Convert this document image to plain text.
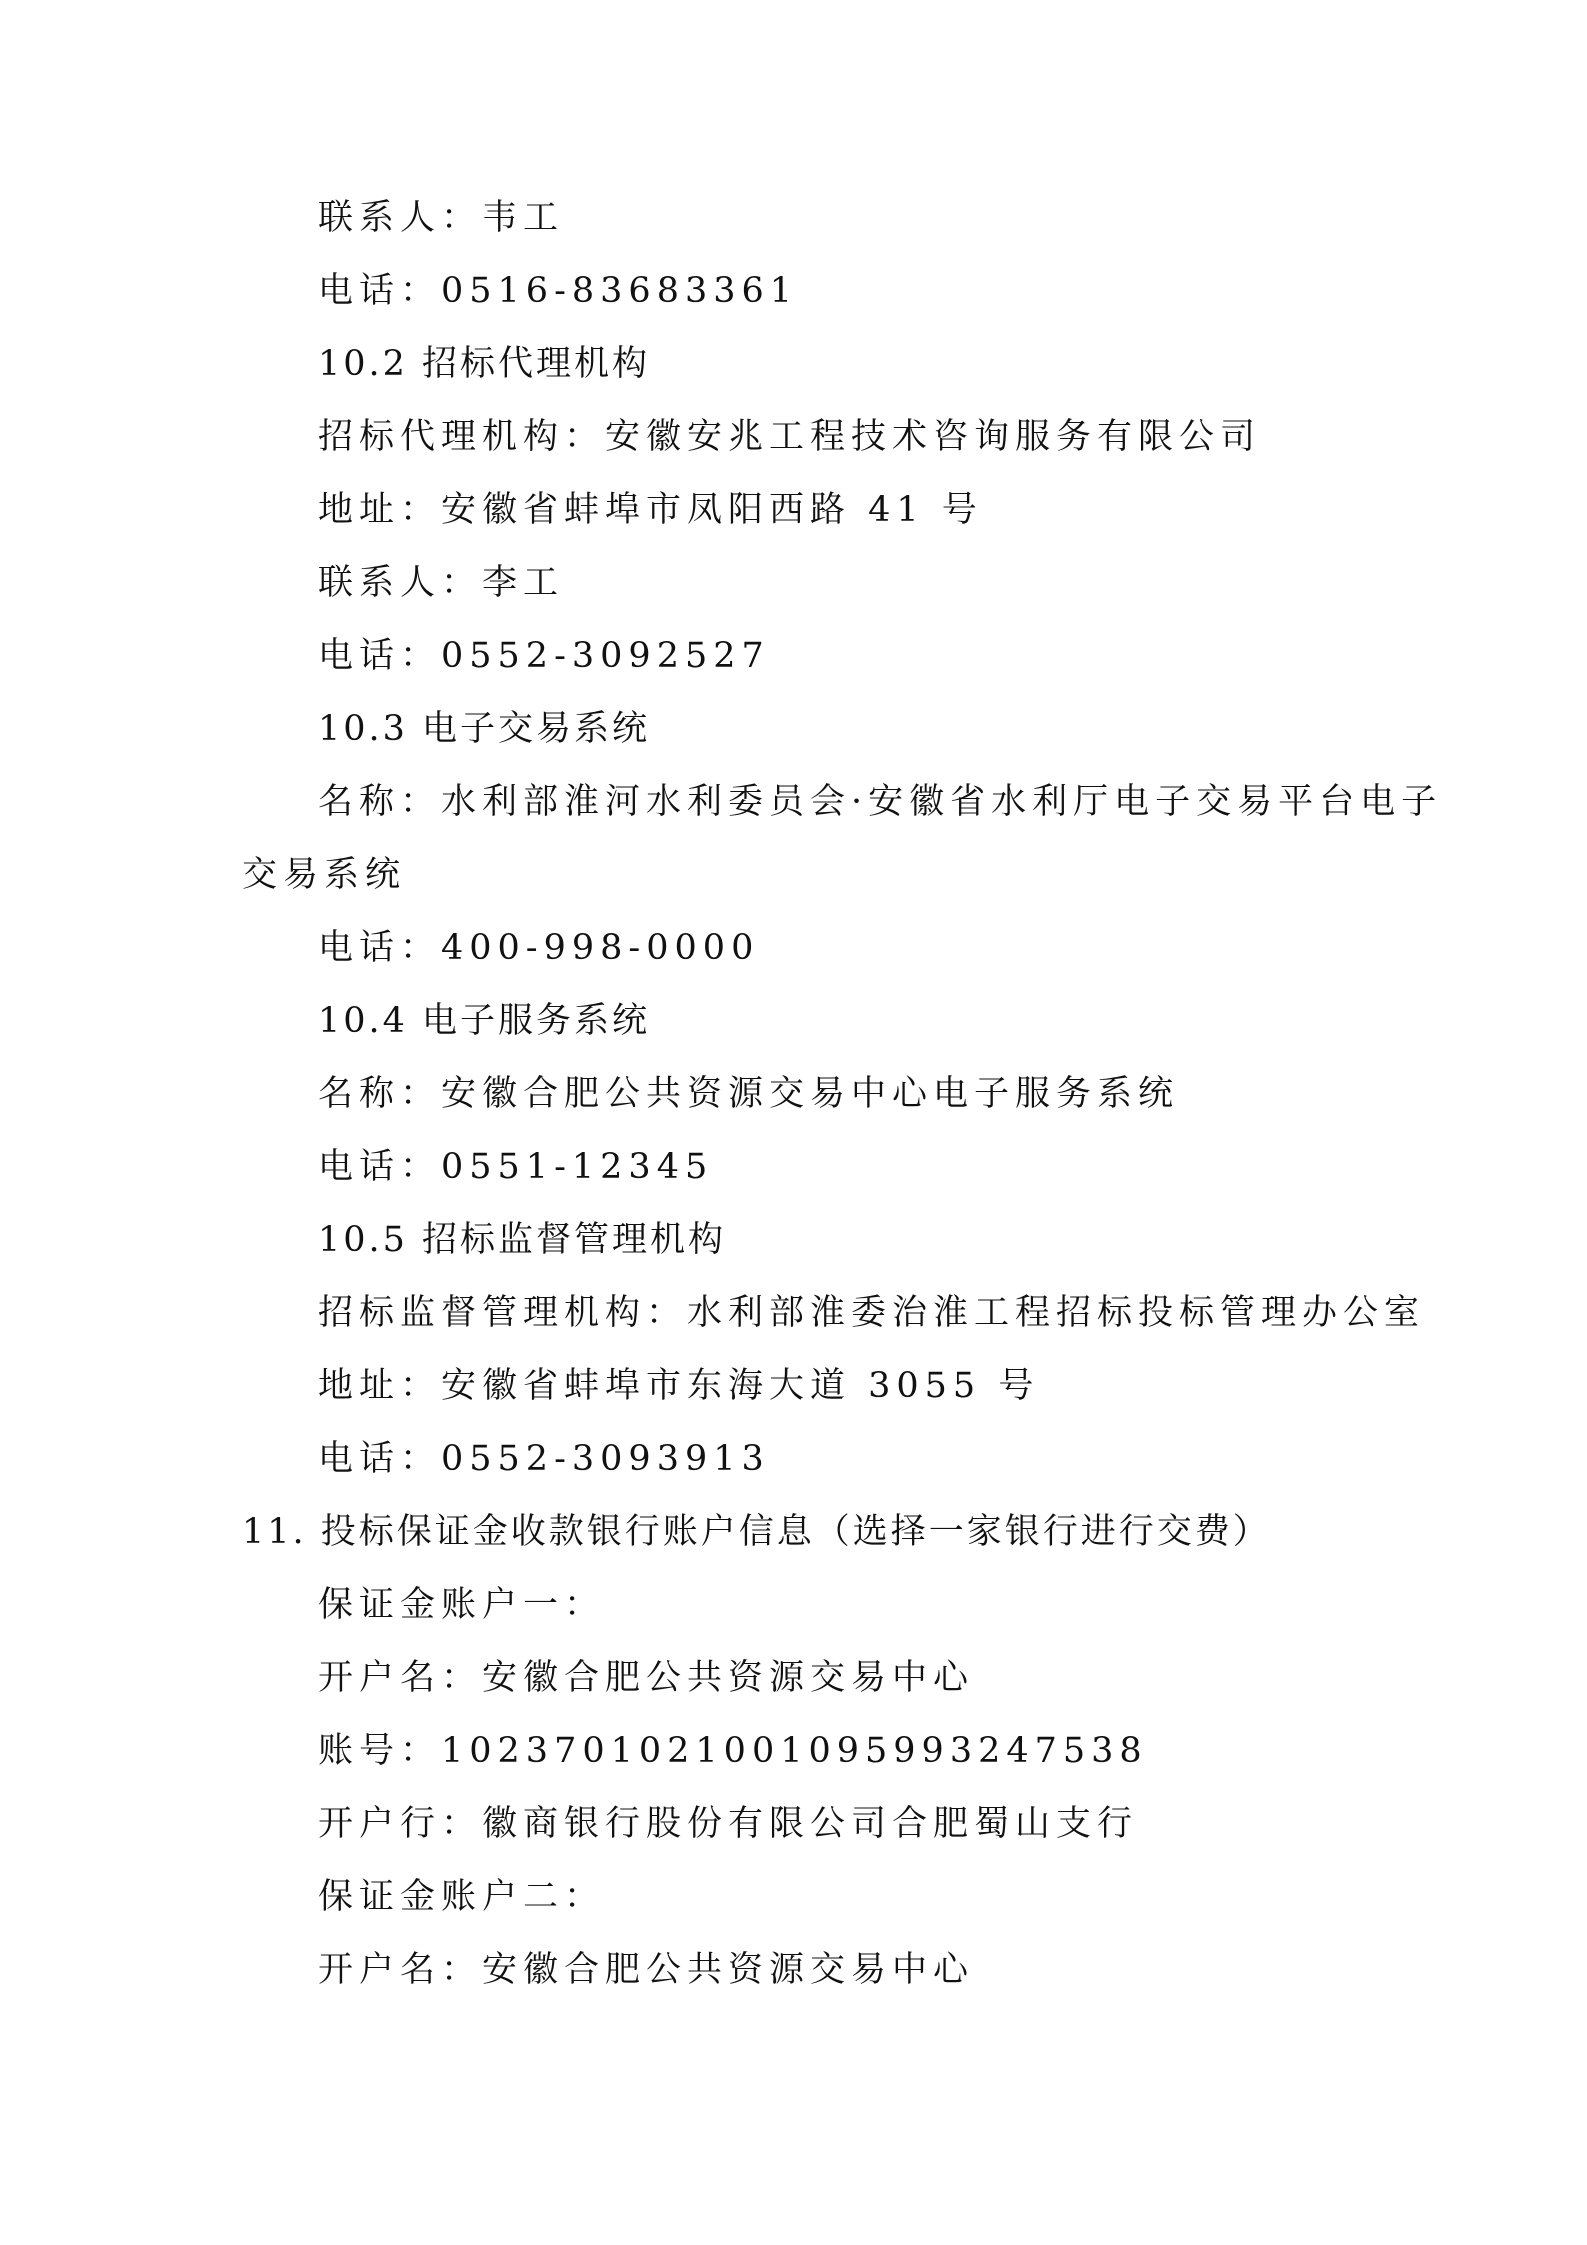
联系人：韦工
电话：0516-83683361
10.2 招标代理机构
招标代理机构：安徽安兆工程技术咨询服务有限公司
地址：安徽省蚌埠市凤阳西路 41 号
联系人：李工
电话：0552-3092527
10.3 电子交易系统
名称：水利部淮河水利委员会·安徽省水利厅电子交易平台电子
交易系统
电话：400-998-0000
10.4 电子服务系统
名称：安徽合肥公共资源交易中心电子服务系统
电话：0551-12345
10.5 招标监督管理机构
招标监督管理机构：水利部淮委治淮工程招标投标管理办公室
地址：安徽省蚌埠市东海大道 3055 号
电话：0552-3093913
11. 投标保证金收款银行账户信息（选择一家银行进行交费）
保证金账户一：
开户名：安徽合肥公共资源交易中心
账号：1023701021001095993247538
开户行：徽商银行股份有限公司合肥蜀山支行
保证金账户二：
开户名：安徽合肥公共资源交易中心
